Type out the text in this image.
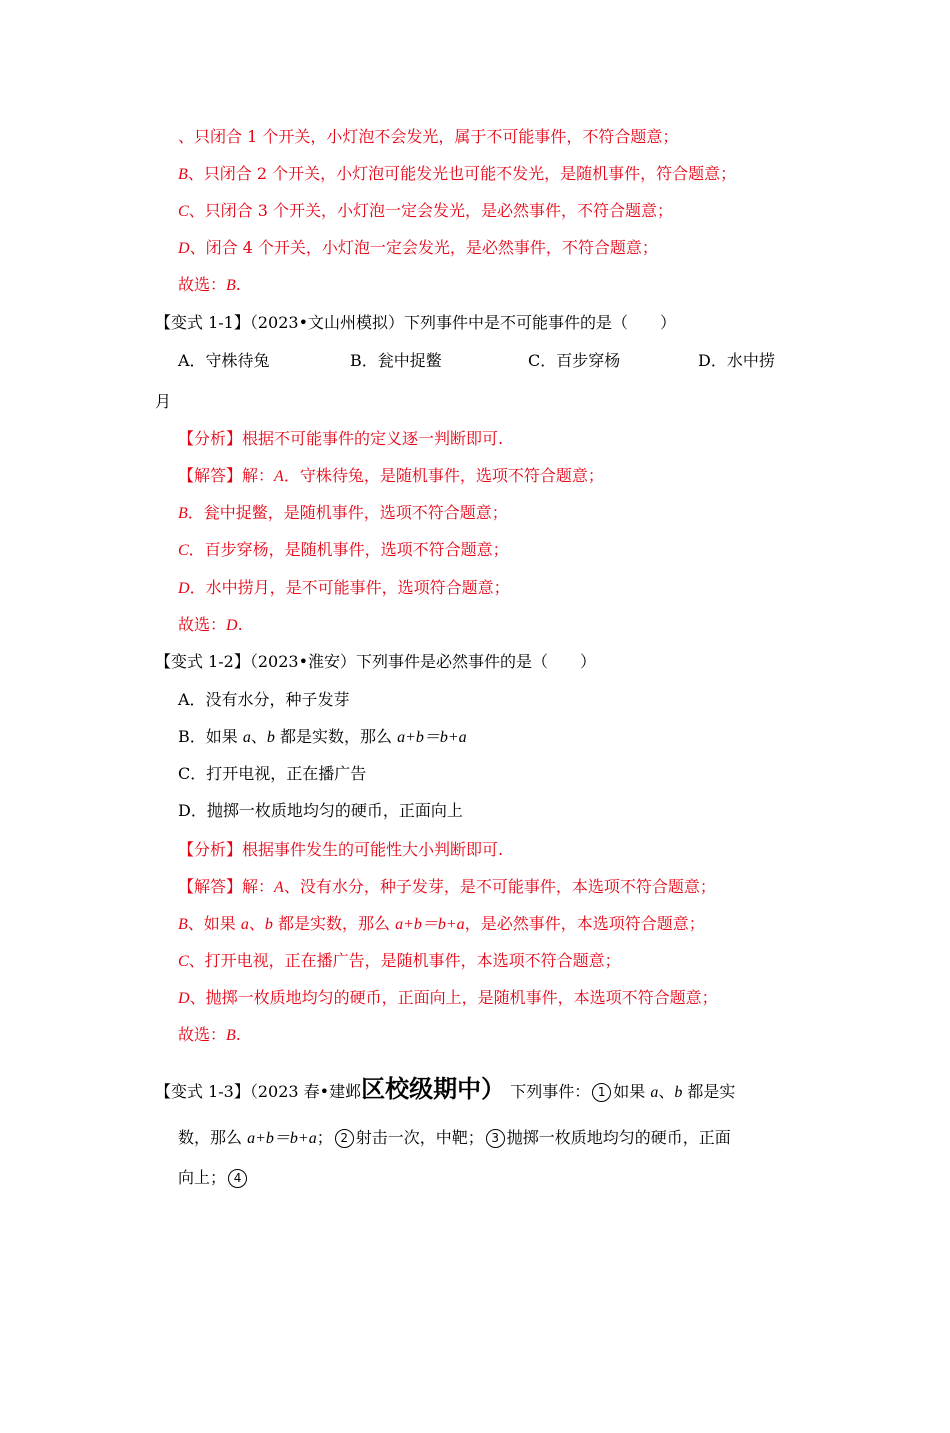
、只闭合 1 个开关，小灯泡不会发光，属于不可能事件，不符合题意；
B、只闭合 2 个开关，小灯泡可能发光也可能不发光，是随机事件，符合题意；
C、只闭合 3 个开关，小灯泡一定会发光，是必然事件，不符合题意；
D、闭合 4 个开关，小灯泡一定会发光，是必然事件，不符合题意；
故选：B.
【变式 1-1】（2023•文山州模拟）下列事件中是不可能事件的是（　　）
A．守株待兔	B．瓮中捉鳖	C．百步穿杨	D．水中捞
月
【分析】根据不可能事件的定义逐一判断即可.
【解答】解：A．守株待兔，是随机事件，选项不符合题意；
B．瓮中捉鳖，是随机事件，选项不符合题意；
C．百步穿杨，是随机事件，选项不符合题意；
D．水中捞月，是不可能事件，选项符合题意；
故选：D.
【变式 1-2】（2023•淮安）下列事件是必然事件的是（　　）
A．没有水分，种子发芽
B．如果 a、b 都是实数，那么 a+b＝b+a
C．打开电视，正在播广告
D．抛掷一枚质地均匀的硬币，正面向上
【分析】根据事件发生的可能性大小判断即可.
【解答】解：A、没有水分，种子发芽，是不可能事件，本选项不符合题意；
B、如果 a、b 都是实数，那么 a+b＝b+a，是必然事件，本选项符合题意；
C、打开电视，正在播广告，是随机事件，本选项不符合题意；
D、抛掷一枚质地均匀的硬币，正面向上，是随机事件，本选项不符合题意；
故选：B.
【变式 1-3】（2023 春•建邺区校级期中） 下列事件： 1 如果 a、b 都是实
数，那么 a+b＝b+a； 2 射击一次，中靶； 3 抛掷一枚质地均匀的硬币，正面
向上； 4
